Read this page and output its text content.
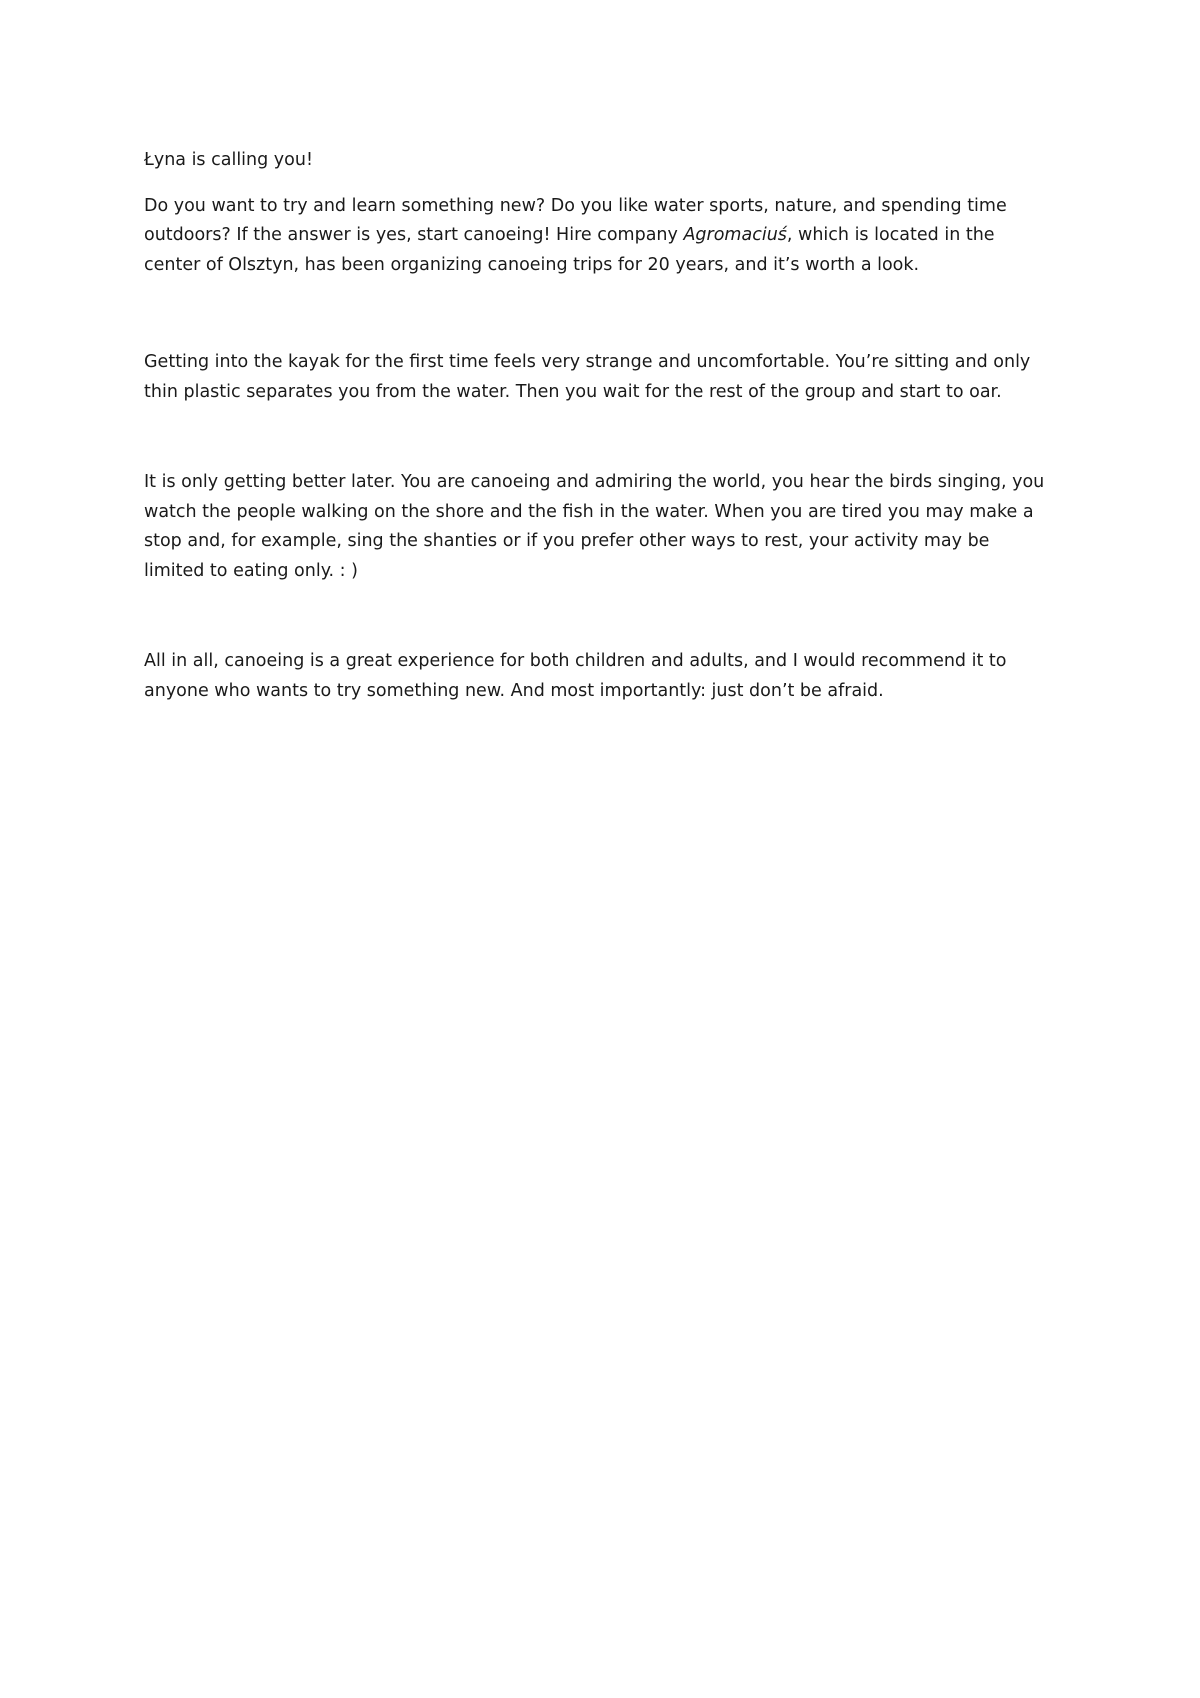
Łyna is calling you!

Do you want to try and learn something new? Do you like water sports, nature, and spending time
outdoors? If the answer is yes, start canoeing! Hire company Agromaciuś, which is located in the
center of Olsztyn, has been organizing canoeing trips for 20 years, and it’s worth a look.

Getting into the kayak for the first time feels very strange and uncomfortable. You’re sitting and only
thin plastic separates you from the water. Then you wait for the rest of the group and start to oar.

It is only getting better later. You are canoeing and admiring the world, you hear the birds singing, you
watch the people walking on the shore and the fish in the water. When you are tired you may make a
stop and, for example, sing the shanties or if you prefer other ways to rest, your activity may be
limited to eating only. : )

All in all, canoeing is a great experience for both children and adults, and I would recommend it to
anyone who wants to try something new. And most importantly: just don’t be afraid.
